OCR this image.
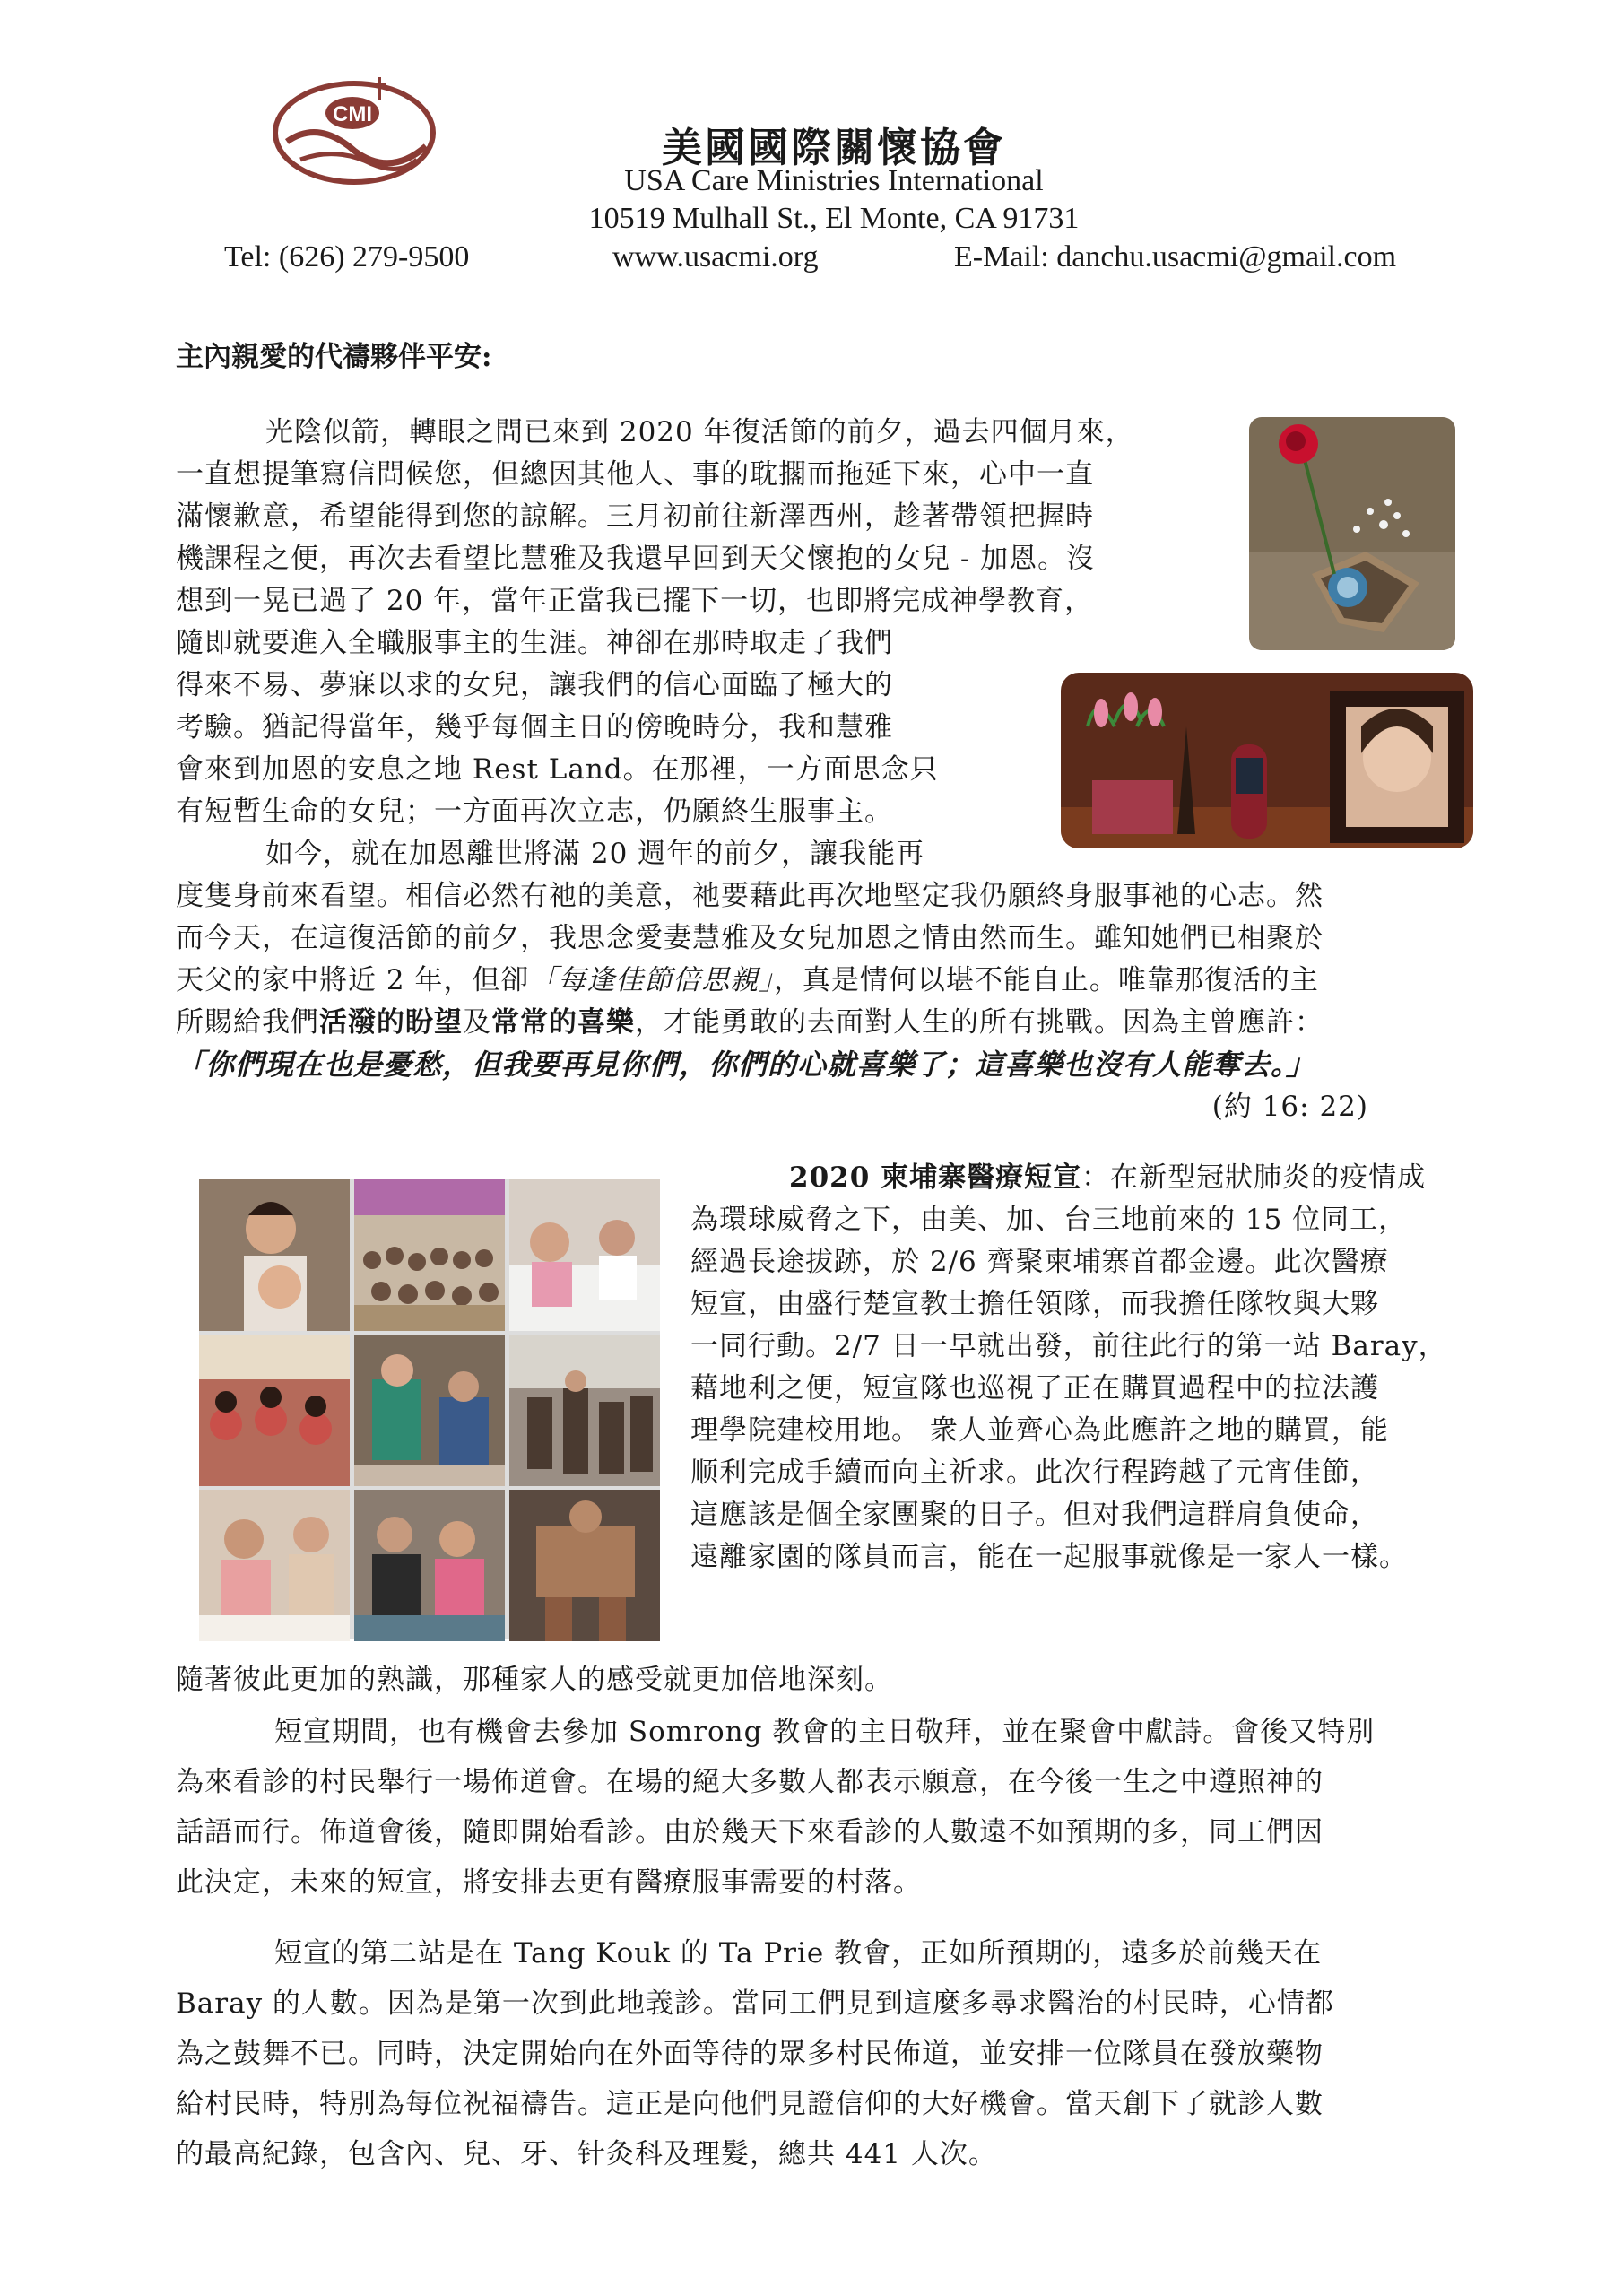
CMI
美國國際關懷協會
USA Care Ministries International
10519 Mulhall St., El Monte, CA 91731
Tel: (626) 279-9500	www.usacmi.org	E-Mail: danchu.usacmi@gmail.com
主內親愛的代禱夥伴平安:

光陰似箭，轉眼之間已來到 2020 年復活節的前夕，過去四個月來，

一直想提筆寫信問候您，但總因其他人、事的耽擱而拖延下來，心中一直

滿懷歉意，希望能得到您的諒解。三月初前往新澤西州，趁著帶領把握時

機課程之便，再次去看望比慧雅及我還早回到天父懷抱的女兒 - 加恩。沒

想到一晃已過了 20 年，當年正當我已擺下一切，也即將完成神學教育，

隨即就要進入全職服事主的生涯。神卻在那時取走了我們

得來不易、夢寐以求的女兒，讓我們的信心面臨了極大的

考驗。猶記得當年，幾乎每個主日的傍晚時分，我和慧雅

會來到加恩的安息之地 Rest Land。在那裡，一方面思念只

有短暫生命的女兒；一方面再次立志，仍願終生服事主。

如今，就在加恩離世將滿 20 週年的前夕，讓我能再

度隻身前來看望。相信必然有祂的美意，祂要藉此再次地堅定我仍願終身服事祂的心志。然

而今天，在這復活節的前夕，我思念愛妻慧雅及女兒加恩之情由然而生。雖知她們已相聚於

天父的家中將近 2 年，但卻「每逢佳節倍思親」，真是情何以堪不能自止。唯靠那復活的主

所賜給我們活潑的盼望及常常的喜樂，才能勇敢的去面對人生的所有挑戰。因為主曾應許：

「你們現在也是憂愁，但我要再見你們，你們的心就喜樂了；這喜樂也沒有人能奪去。」

(約 16: 22)

2020 柬埔寨醫療短宣：在新型冠狀肺炎的疫情成

為環球威脅之下，由美、加、台三地前來的 15 位同工，

經過長途拔跡，於 2/6 齊聚柬埔寨首都金邊。此次醫療

短宣，由盛行楚宣教士擔任領隊，而我擔任隊牧與大夥

一同行動。2/7 日一早就出發，前往此行的第一站 Baray，

藉地利之便，短宣隊也巡視了正在購買過程中的拉法護

理學院建校用地。 衆人並齊心為此應許之地的購買，能

顺利完成手續而向主祈求。此次行程跨越了元宵佳節，

這應該是個全家團聚的日子。但对我們這群肩負使命，

遠離家園的隊員而言，能在一起服事就像是一家人一樣。

隨著彼此更加的熟識，那種家人的感受就更加倍地深刻。

短宣期間，也有機會去參加 Somrong 教會的主日敬拜，並在聚會中獻詩。會後又特別

為來看診的村民舉行一場佈道會。在場的絕大多數人都表示願意，在今後一生之中遵照神的

話語而行。佈道會後，隨即開始看診。由於幾天下來看診的人數遠不如預期的多，同工們因

此決定，未來的短宣，將安排去更有醫療服事需要的村落。

短宣的第二站是在 Tang Kouk 的 Ta Prie 教會，正如所預期的，遠多於前幾天在

Baray 的人數。因為是第一次到此地義診。當同工們見到這麼多尋求醫治的村民時，心情都

為之鼓舞不已。同時，決定開始向在外面等待的眾多村民佈道，並安排一位隊員在發放藥物

給村民時，特別為每位祝福禱告。這正是向他們見證信仰的大好機會。當天創下了就診人數

的最高紀錄，包含內、兒、牙、针灸科及理髮，總共 441 人次。
